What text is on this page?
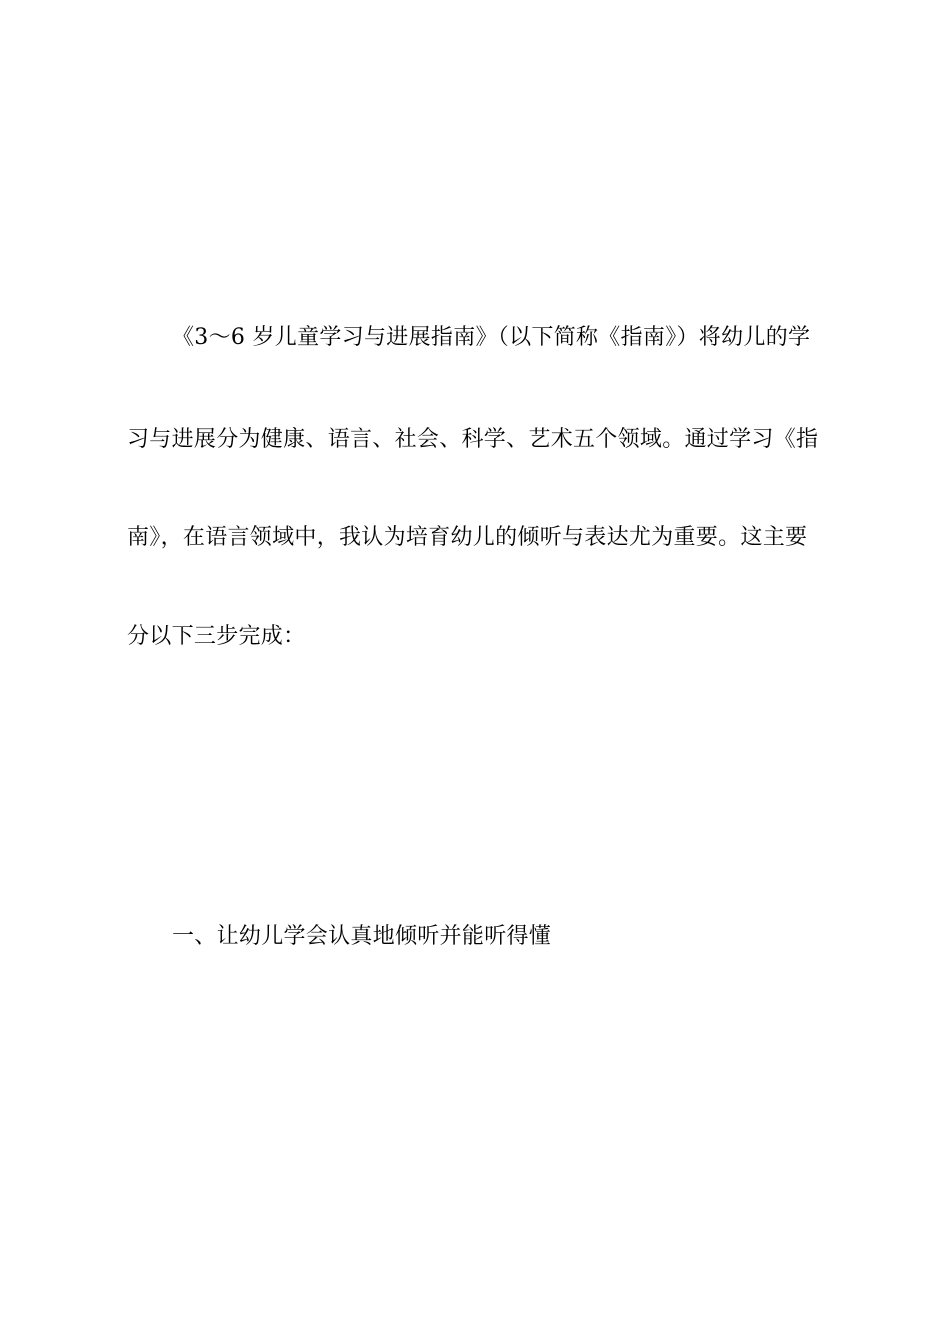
《3～6 岁儿童学习与进展指南》（以下简称《指南》）将幼儿的学
习与进展分为健康、语言、社会、科学、艺术五个领域。通过学习《指
南》，在语言领域中，我认为培育幼儿的倾听与表达尤为重要。这主要
分以下三步完成：
一、让幼儿学会认真地倾听并能听得懂
